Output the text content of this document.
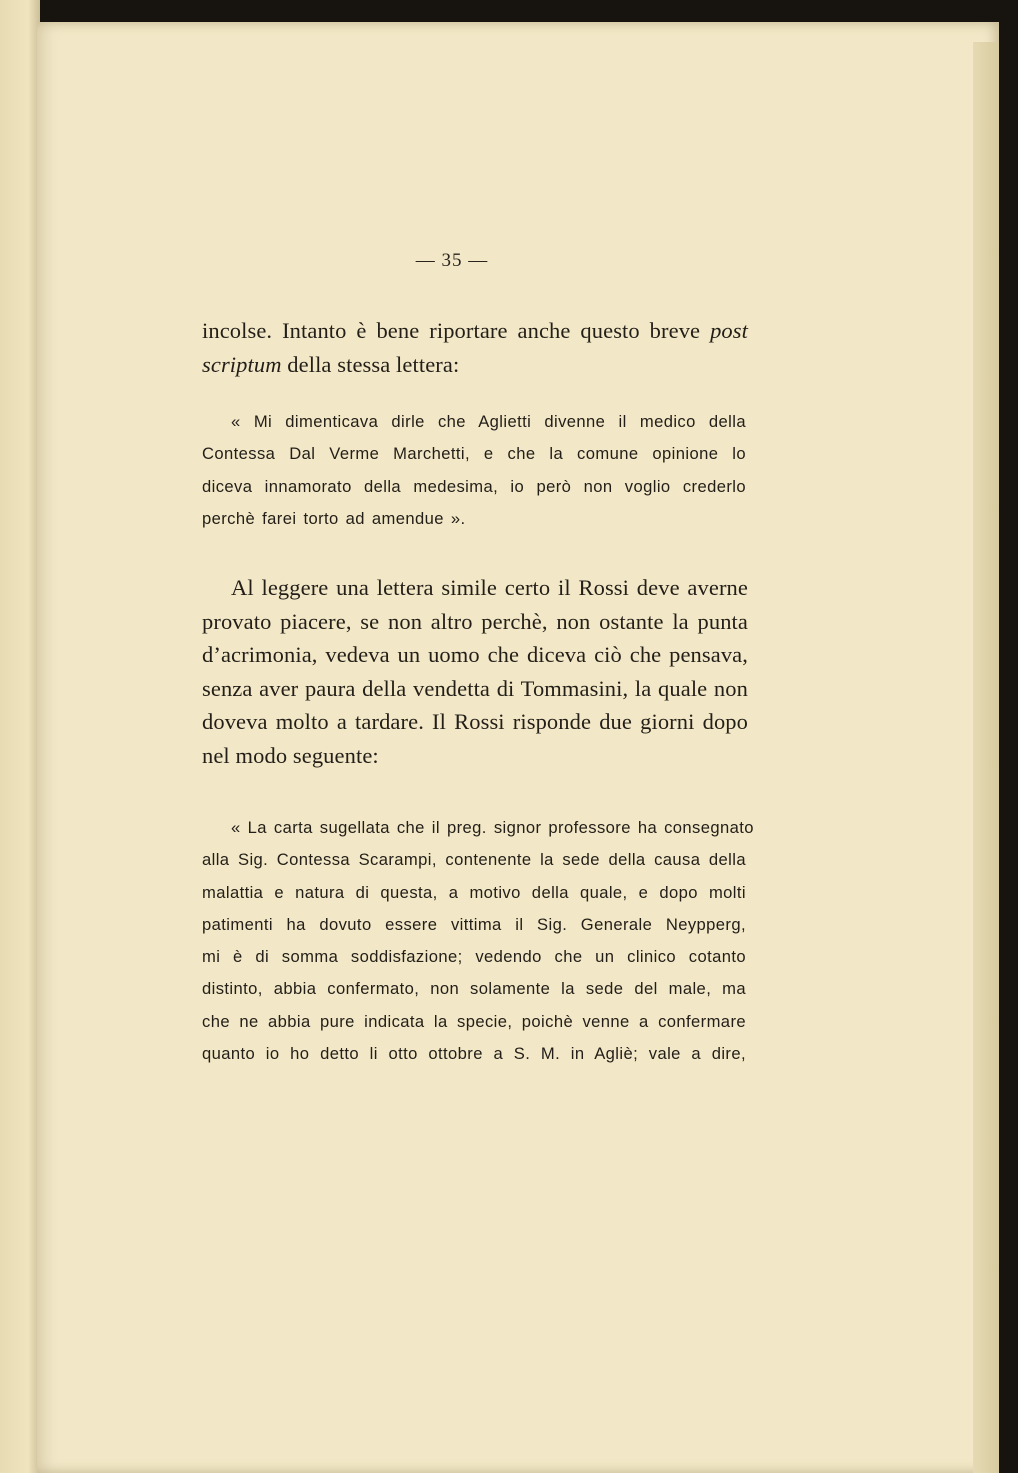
— 35 —
incolse. Intanto è bene riportare anche questo breve post
scriptum della stessa lettera:
« Mi dimenticava dirle che Aglietti divenne il medico della
Contessa Dal Verme Marchetti, e che la comune opinione lo
diceva innamorato della medesima, io però non voglio crederlo
perchè farei torto ad amendue ».
Al leggere una lettera simile certo il Rossi deve averne
provato piacere, se non altro perchè, non ostante la punta
d’acrimonia, vedeva un uomo che diceva ciò che pensava,
senza aver paura della vendetta di Tommasini, la quale non
doveva molto a tardare. Il Rossi risponde due giorni dopo
nel modo seguente:
« La carta sugellata che il preg. signor professore ha consegnato
alla Sig. Contessa Scarampi, contenente la sede della causa della
malattia e natura di questa, a motivo della quale, e dopo molti
patimenti ha dovuto essere vittima il Sig. Generale Neypperg,
mi è di somma soddisfazione; vedendo che un clinico cotanto
distinto, abbia confermato, non solamente la sede del male, ma
che ne abbia pure indicata la specie, poichè venne a confermare
quanto io ho detto li otto ottobre a S. M. in Agliè; vale a dire,
